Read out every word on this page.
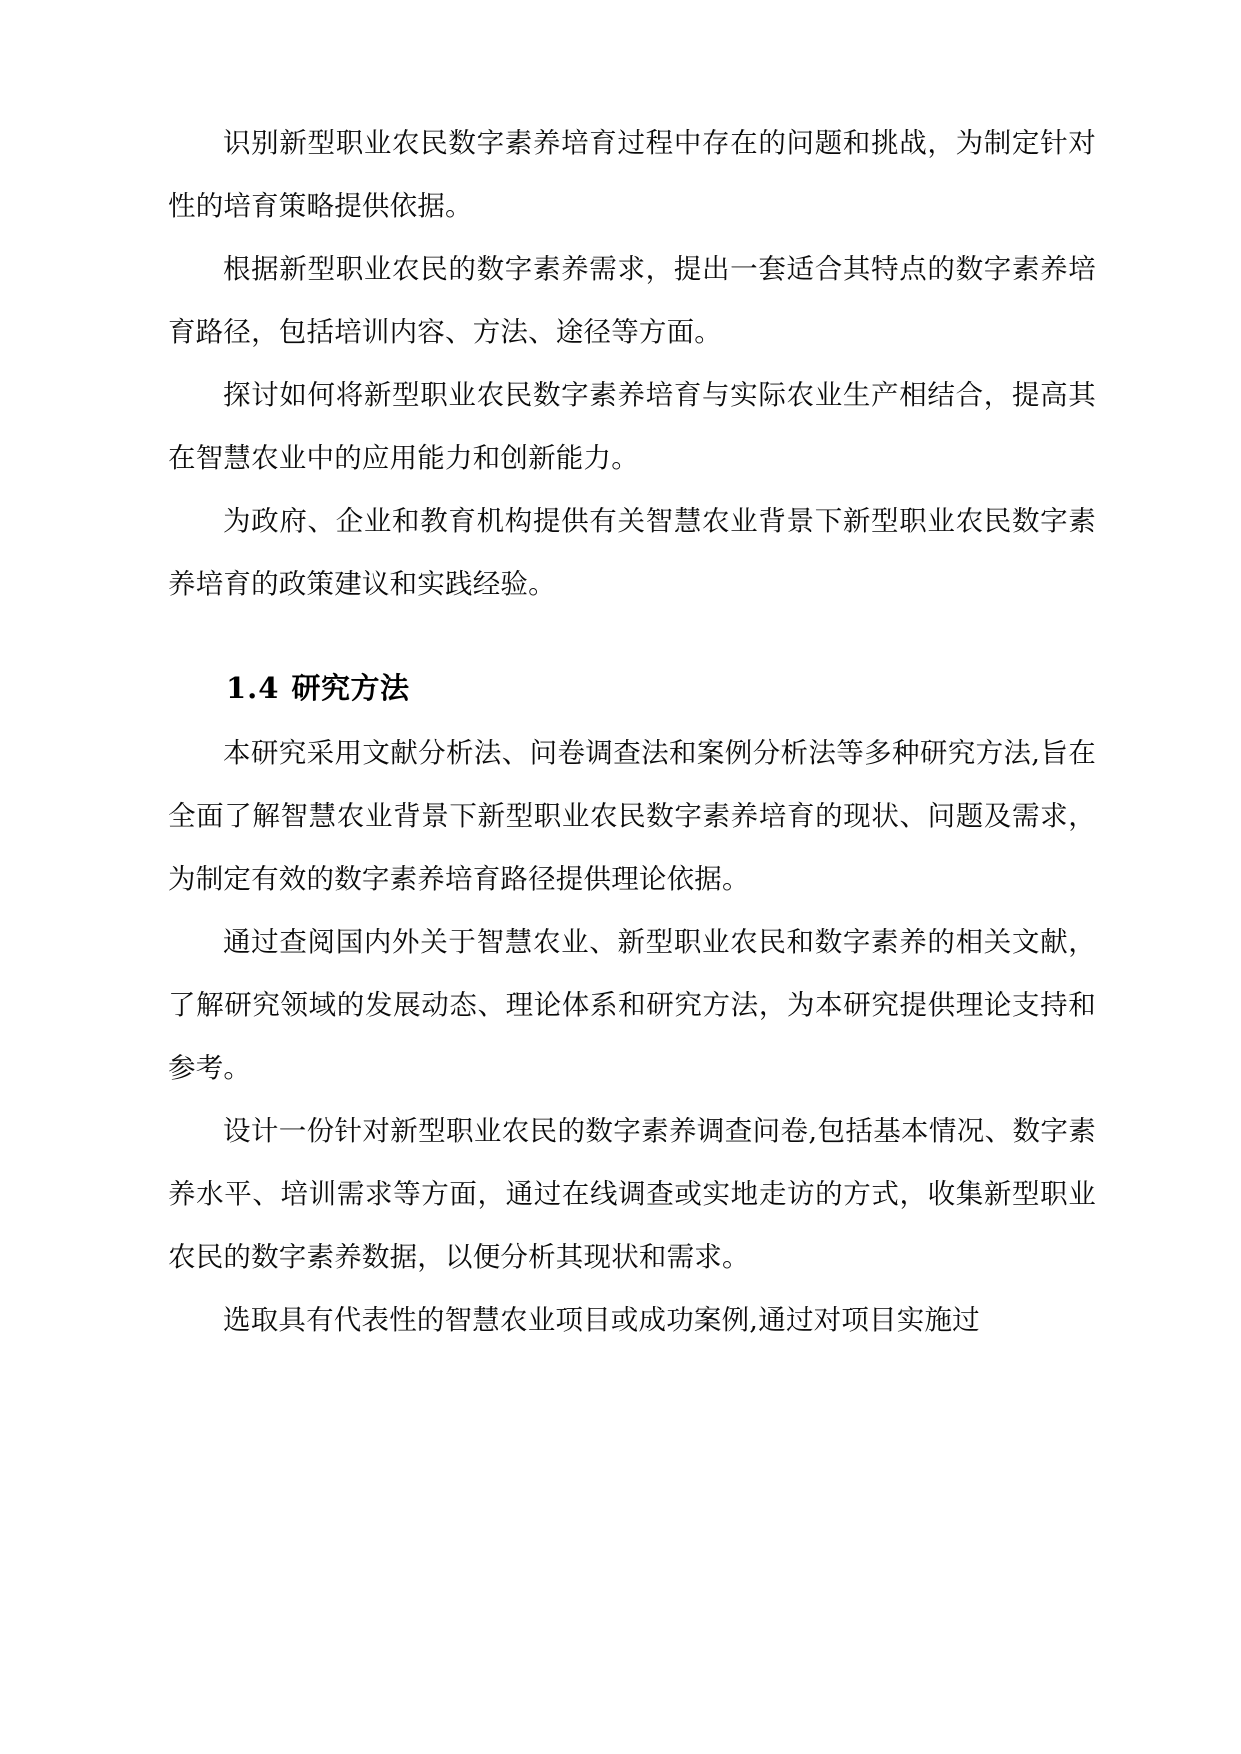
识别新型职业农民数字素养培育过程中存在的问题和挑战，为制定针对性的培育策略提供依据。

根据新型职业农民的数字素养需求，提出一套适合其特点的数字素养培育路径，包括培训内容、方法、途径等方面。

探讨如何将新型职业农民数字素养培育与实际农业生产相结合，提高其在智慧农业中的应用能力和创新能力。

为政府、企业和教育机构提供有关智慧农业背景下新型职业农民数字素养培育的政策建议和实践经验。

1.4 研究方法

本研究采用文献分析法、问卷调查法和案例分析法等多种研究方法,旨在全面了解智慧农业背景下新型职业农民数字素养培育的现状、问题及需求，为制定有效的数字素养培育路径提供理论依据。

通过查阅国内外关于智慧农业、新型职业农民和数字素养的相关文献，了解研究领域的发展动态、理论体系和研究方法，为本研究提供理论支持和参考。

设计一份针对新型职业农民的数字素养调查问卷,包括基本情况、数字素养水平、培训需求等方面，通过在线调查或实地走访的方式，收集新型职业农民的数字素养数据，以便分析其现状和需求。

选取具有代表性的智慧农业项目或成功案例,通过对项目实施过
